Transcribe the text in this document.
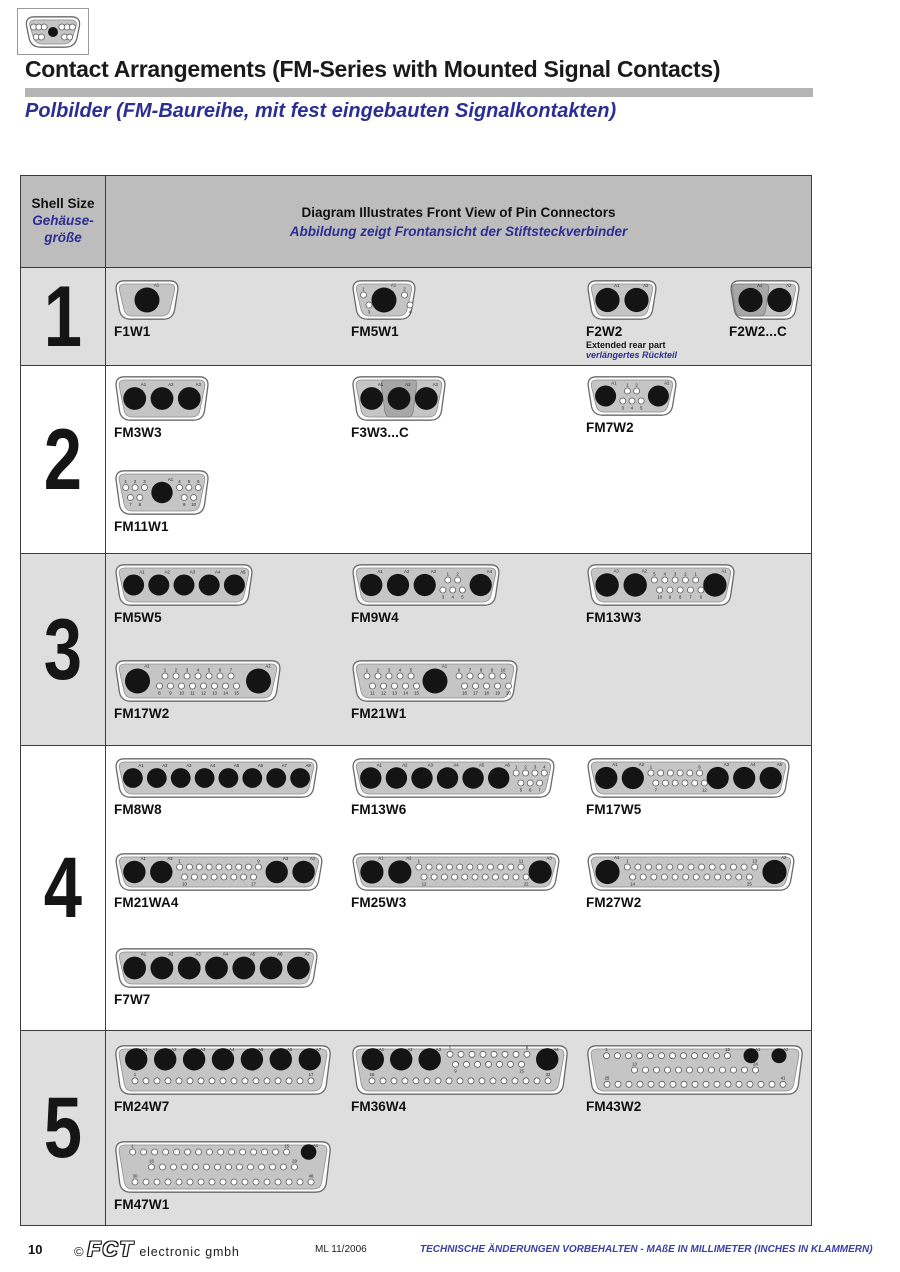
Contact Arrangements (FM-Series with Mounted Signal Contacts)
Polbilder (FM-Baureihe, mit fest eingebauten Signalkontakten)
Shell Size
Gehäuse-größe
Diagram Illustrates Front View of Pin Connectors
Abbildung zeigt Frontansicht der Stiftsteckverbinder
1	A1
F1W1
1
3
A1
2
4
FM5W1
A1	A2
F2W2
Extended rear part
verlängertes Rückteil
A1	A2
F2W2...C
2
A1	A2	A3
FM3W3
A1	A2	A3
F3W3...C
A1 1 2
3 4 5
A2
FM7W2
1 2 3
7 8
A1 4 5 6
9 10
FM11W1
3
A1	A2	A3	A4	A5
FM5W5
A1	A2	A3 1 2
3 4 5
A4
FM9W4
A3	A2
5 4 3 2 1
10 9 8 7 6
A1
FM13W3
A1
1 2 3 4 5 6 7
8 9 10 11 12 13 14 15
A2
FM17W2
1 2 3 4 5
11 12 13 14 15
A1
6 7 8 9 10
16 17 18 19 20
FM21W1
4
A1	A2	A3	A4	A5	A6	A7	A8
FM8W8
A1	A2	A3	A4	A5	A6 1 2 3 4
5 6 7
FM13W6
A1	A2 1	6
7	12
A3	A4	A5
FM17W5
A1	A2
1	9
10	17
A3	A4
FM21WA4
A1	A2
1	11
12	22
A3
FM25W3
A1
1	13
14	25
A2
FM27W2
A1	A2	A3	A4	A5	A6	A7
F7W7
5
A1	A2	A3	A4	A5	A6	A7
1	17
FM24W7
A1	A2	A3 1	8
9	15
A4
16	32
FM36W4
1	12	A1	A2
13	24
25	41
FM43W2
1	15	A1
16	29
30	46
FM47W1
10 © FCT electronic gmbh	ML 11/2006	TECHNISCHE ÄNDERUNGEN VORBEHALTEN - MAßE IN MILLIMETER (INCHES IN KLAMMERN)
